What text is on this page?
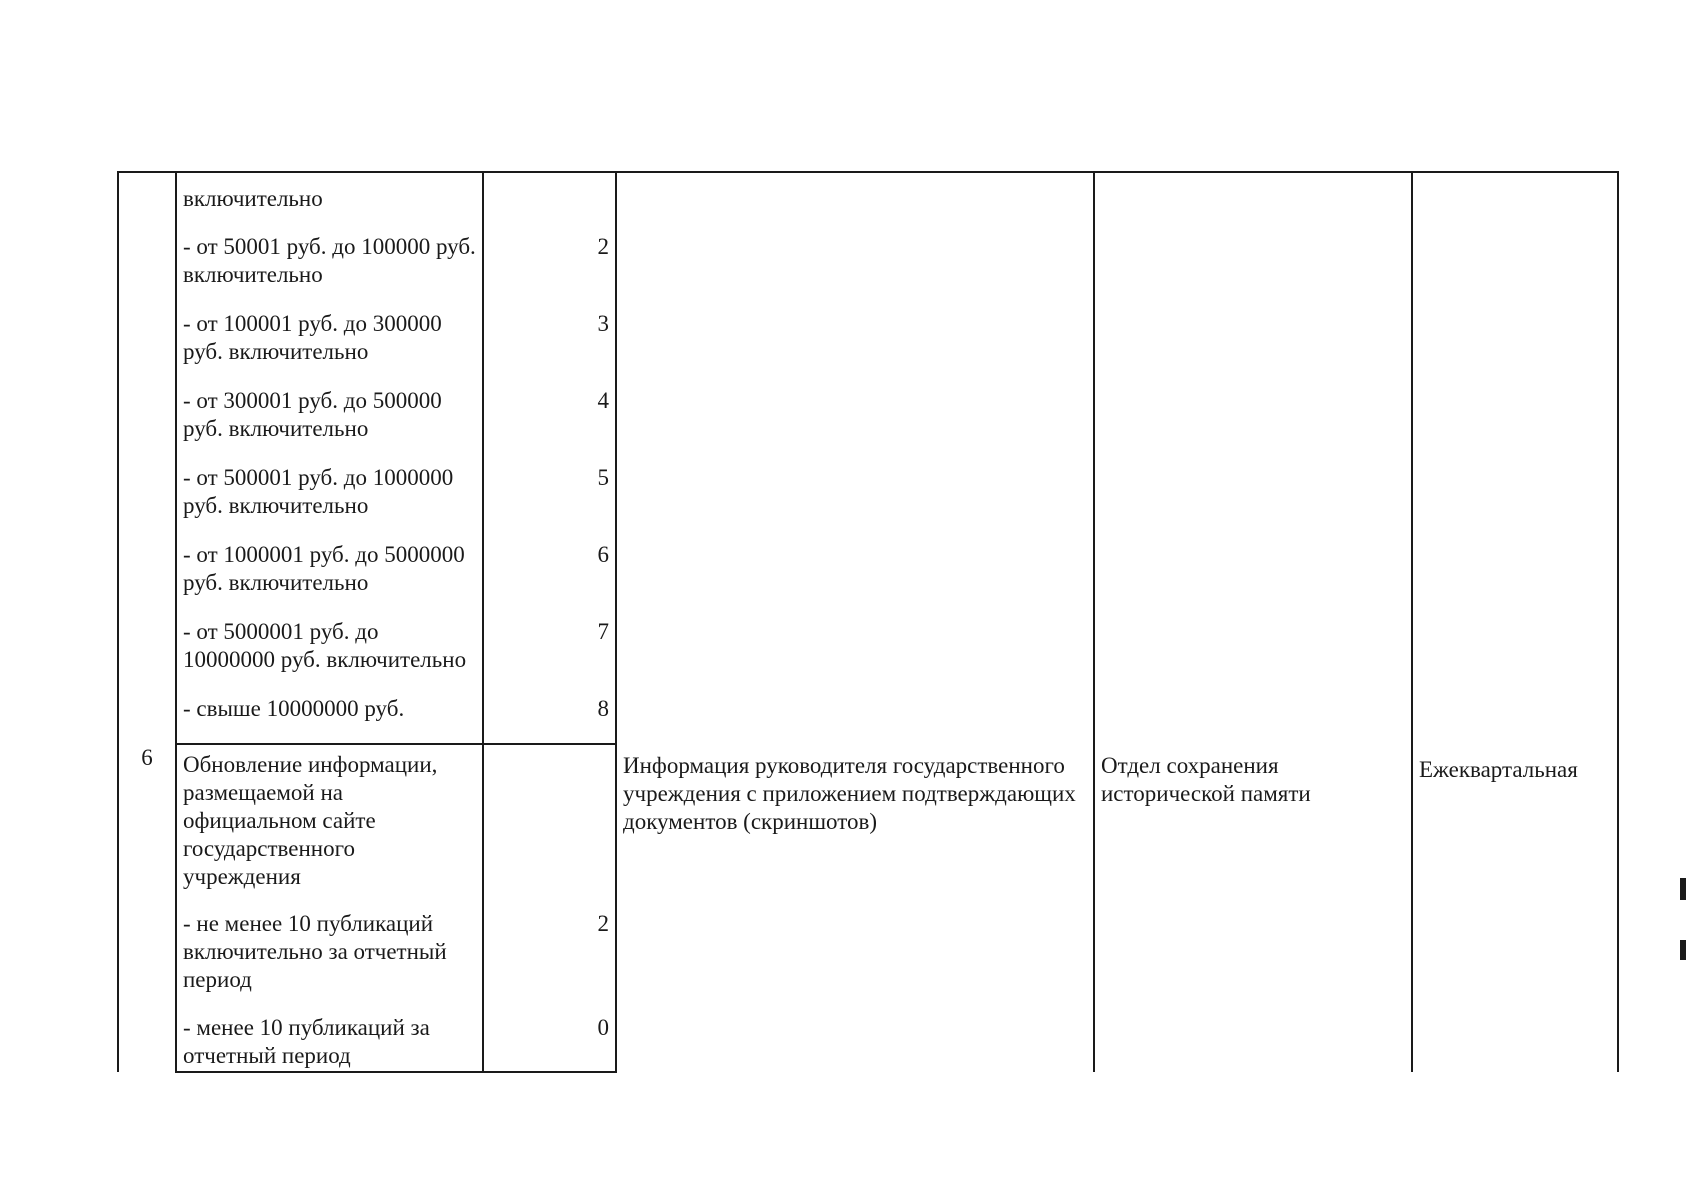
	включительно				

	- от 50001 руб. до 100000 руб. включительно	2			
	- от 100001 руб. до 300000 руб. включительно	3			
	- от 300001 руб. до 500000 руб. включительно	4			
	- от 500001 руб. до 1000000 руб. включительно	5			
	- от 1000001 руб. до 5000000 руб. включительно	6			
	- от 5000001 руб. до 10000000 руб. включительно	7			
	- свыше 10000000 руб.	8			
6	Обновление информации, размещаемой на официальном сайте государственного учреждения		Информация руководителя государственного учреждения с приложением подтверждающих документов (скриншотов)	Отдел сохранения исторической памяти	Ежеквартальная

	- не менее 10 публикаций включительно за отчетный период	2			
	- менее 10 публикаций за отчетный период	0			
